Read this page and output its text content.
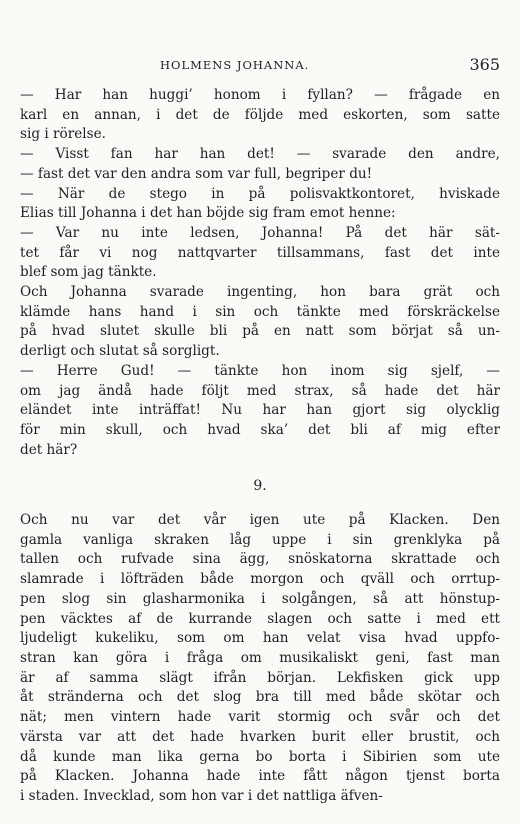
HOLMENS JOHANNA.	365
— Har han huggi’ honom i fyllan? — frågade en
karl en annan, i det de följde med eskorten, som satte
sig i rörelse.
— Visst fan har han det! — svarade den andre,
— fast det var den andra som var full, begriper du!
— När de stego in på polisvaktkontoret, hviskade
Elias till Johanna i det han böjde sig fram emot henne:
— Var nu inte ledsen, Johanna! På det här sät-
tet får vi nog nattqvarter tillsammans, fast det inte
blef som jag tänkte.
Och Johanna svarade ingenting, hon bara grät och
klämde hans hand i sin och tänkte med förskräckelse
på hvad slutet skulle bli på en natt som börjat så un-
derligt och slutat så sorgligt.
— Herre Gud! — tänkte hon inom sig sjelf, —
om jag ändå hade följt med strax, så hade det här
eländet inte inträffat! Nu har han gjort sig olycklig
för min skull, och hvad ska’ det bli af mig efter
det här?
9.
Och nu var det vår igen ute på Klacken. Den
gamla vanliga skraken låg uppe i sin grenklyka på
tallen och rufvade sina ägg, snöskatorna skrattade och
slamrade i löfträden både morgon och qväll och orrtup-
pen slog sin glasharmonika i solgången, så att hönstup-
pen väcktes af de kurrande slagen och satte i med ett
ljudeligt kukeliku, som om han velat visa hvad uppfo-
stran kan göra i fråga om musikaliskt geni, fast man
är af samma slägt ifrån början. Lekfisken gick upp
åt stränderna och det slog bra till med både skötar och
nät; men vintern hade varit stormig och svår och det
värsta var att det hade hvarken burit eller brustit, och
då kunde man lika gerna bo borta i Sibirien som ute
på Klacken. Johanna hade inte fått någon tjenst borta
i staden. Invecklad, som hon var i det nattliga äfven-
